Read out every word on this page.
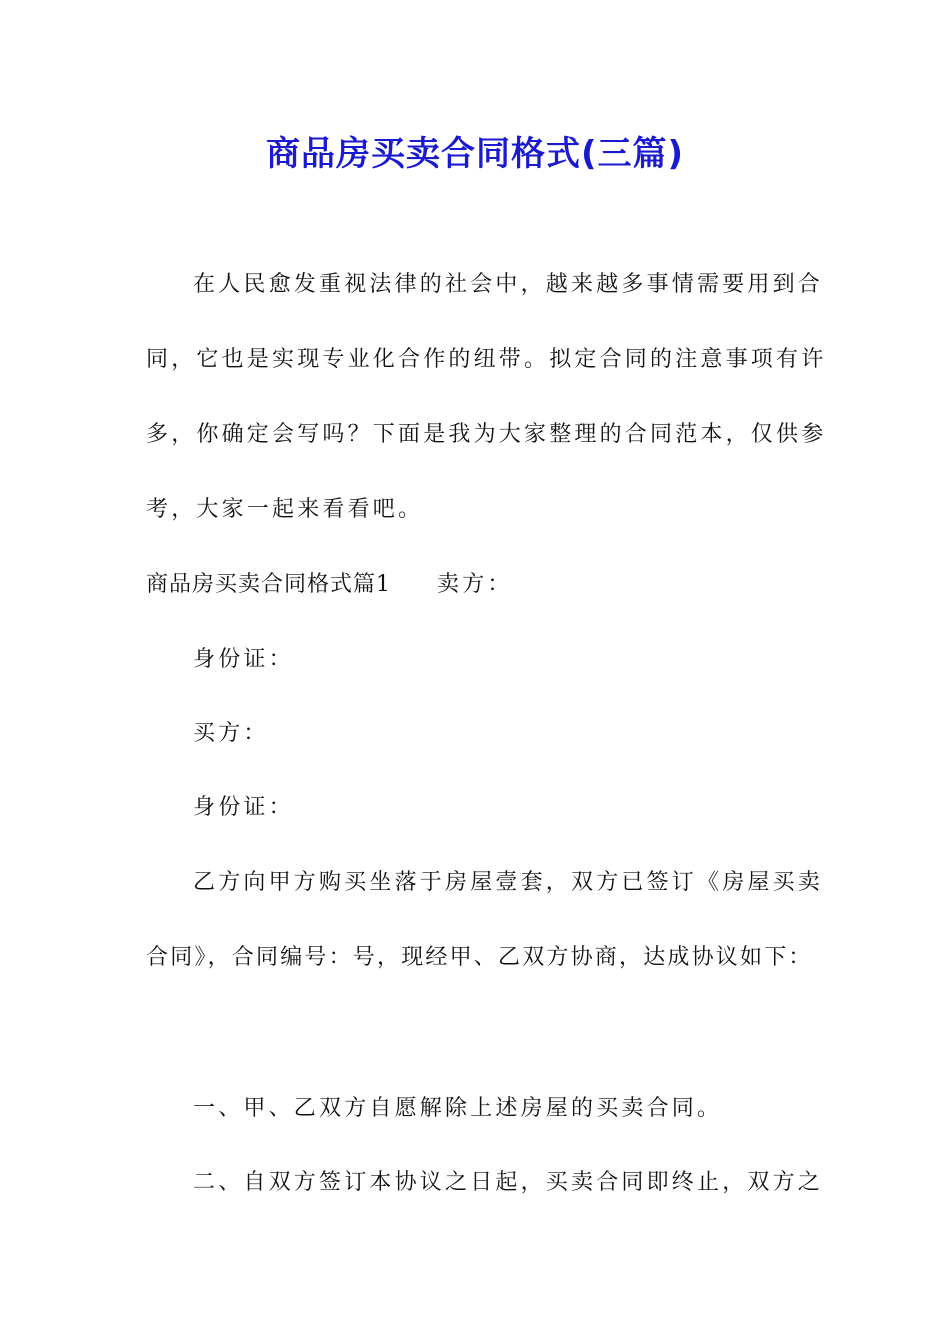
商品房买卖合同格式(三篇)
在人民愈发重视法律的社会中，越来越多事情需要用到合
同，它也是实现专业化合作的纽带。拟定合同的注意事项有许
多，你确定会写吗？下面是我为大家整理的合同范本，仅供参
考，大家一起来看看吧。
商品房买卖合同格式篇1 卖方：
身份证：
买方：
身份证：
乙方向甲方购买坐落于房屋壹套，双方已签订《房屋买卖
合同》，合同编号：号，现经甲、乙双方协商，达成协议如下：
一、甲、乙双方自愿解除上述房屋的买卖合同。
二、自双方签订本协议之日起，买卖合同即终止，双方之
